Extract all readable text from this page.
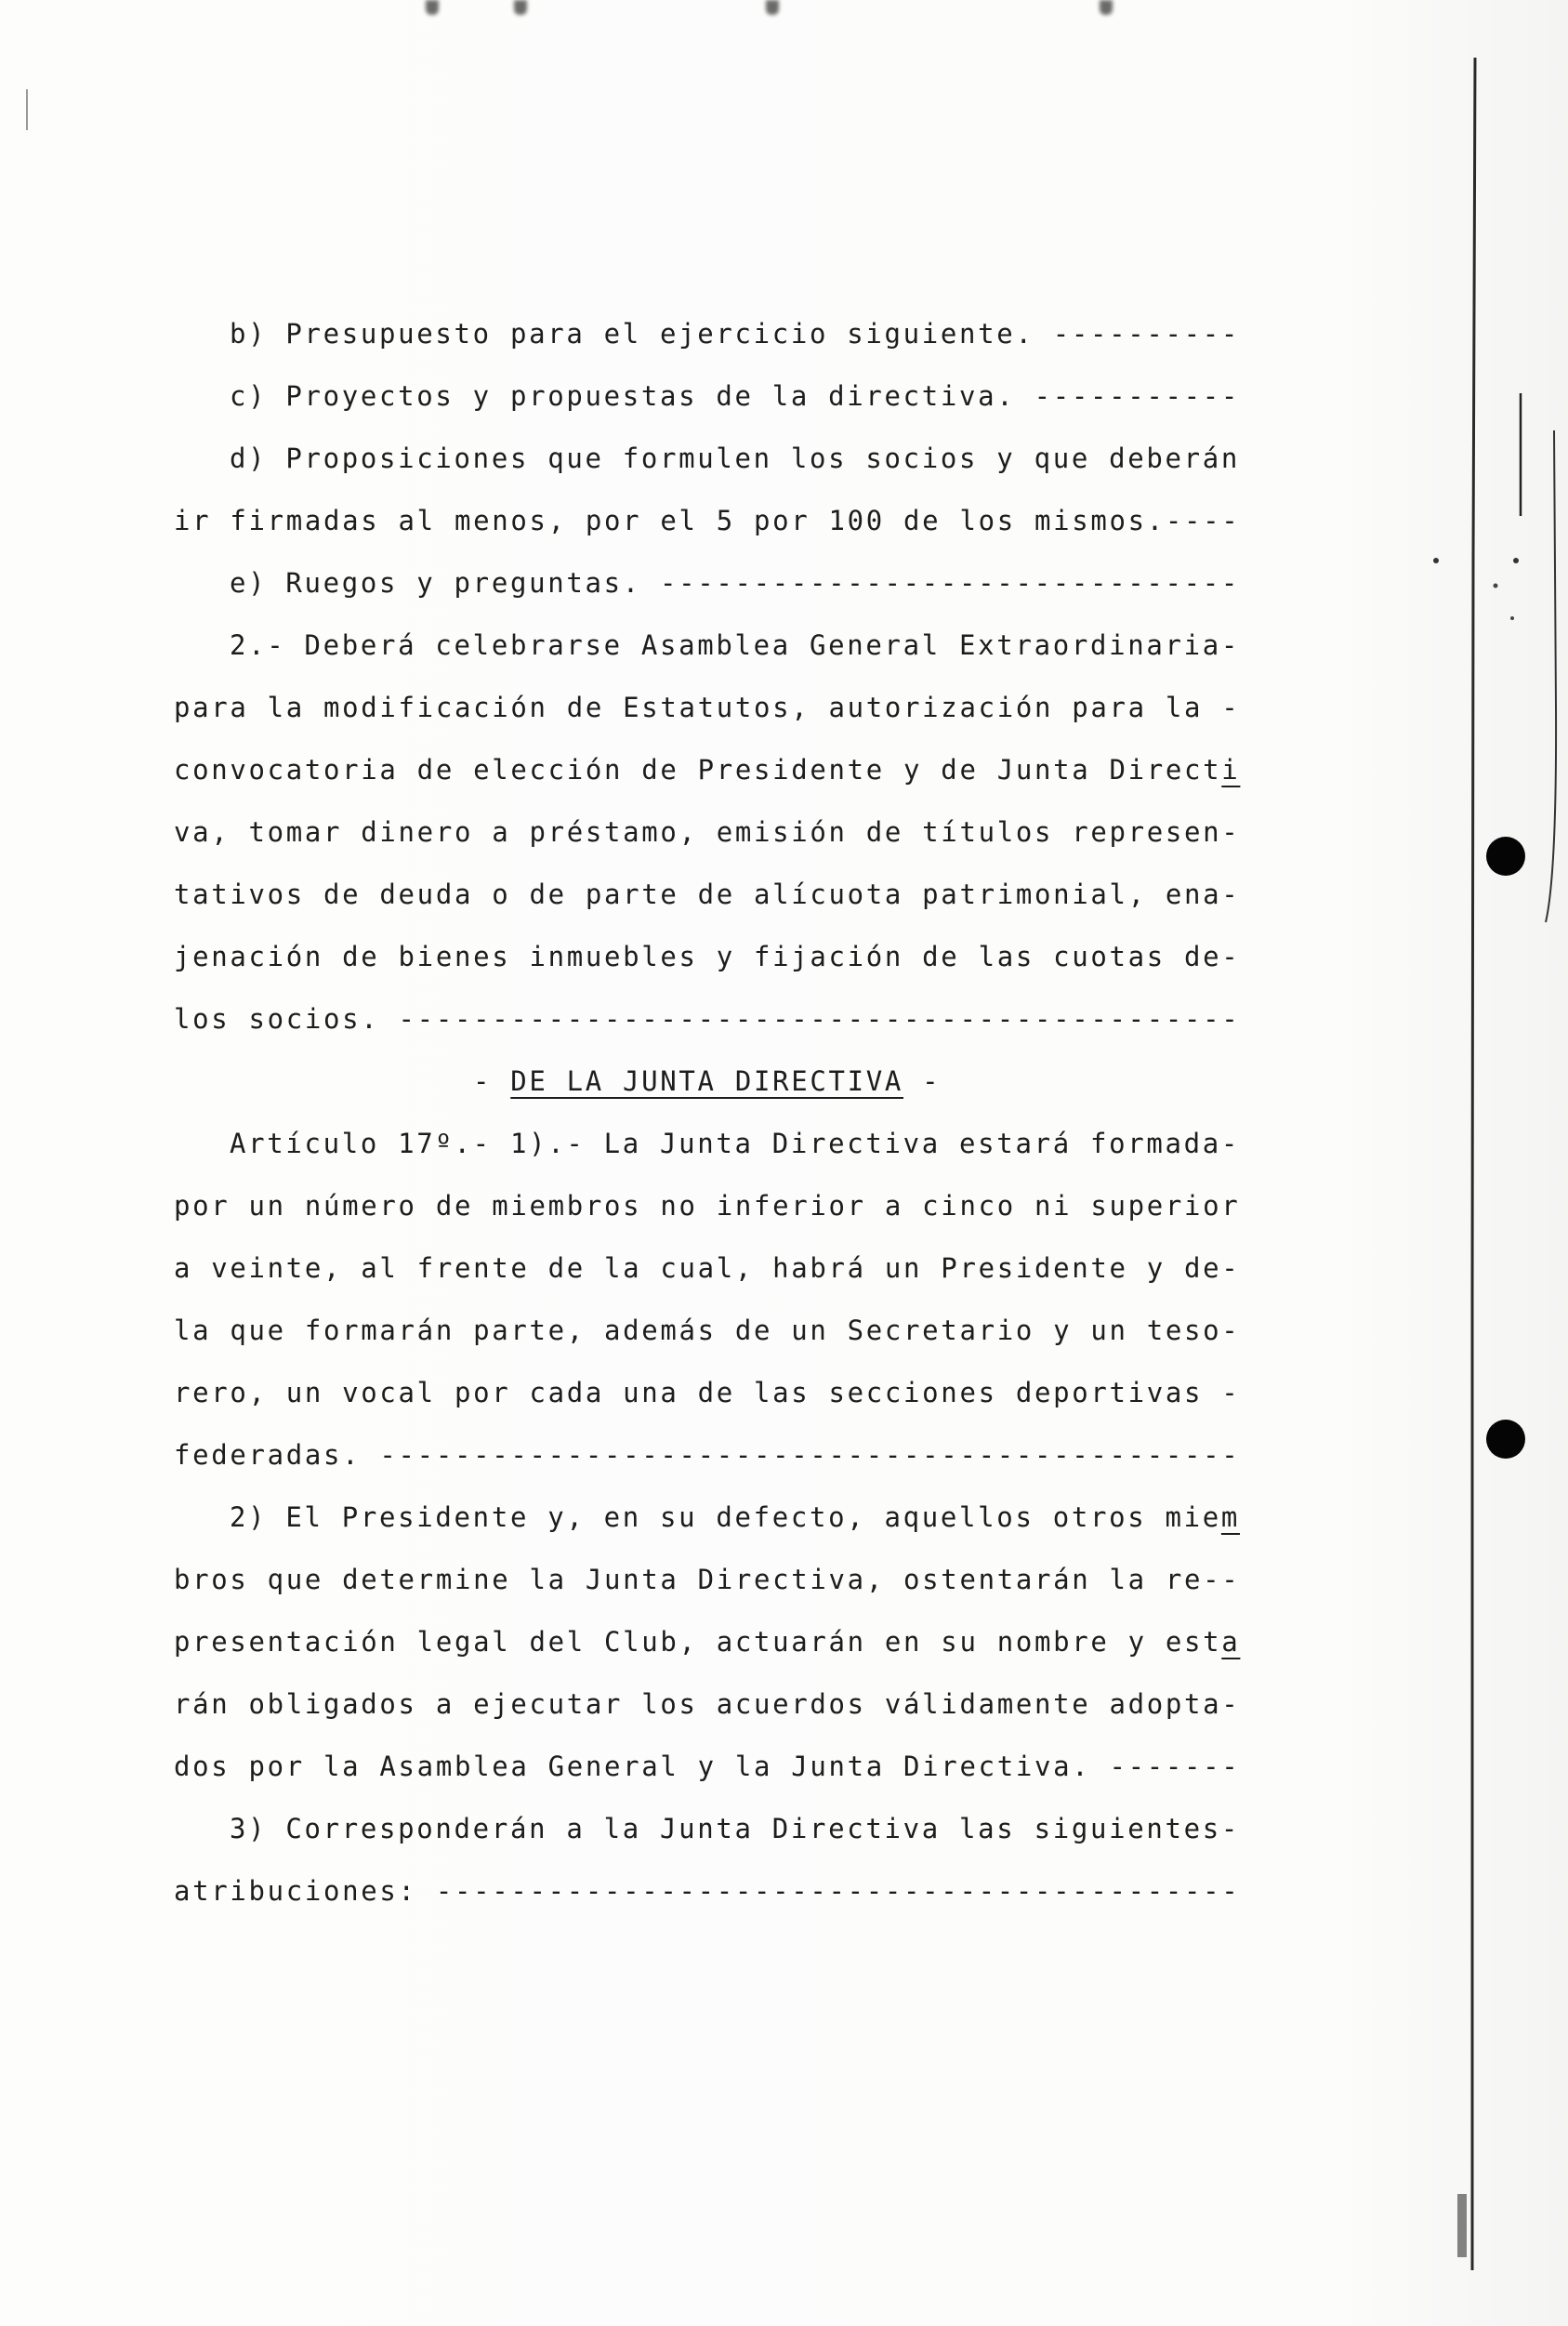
b) Presupuesto para el ejercicio siguiente. ----------
c) Proyectos y propuestas de la directiva. -----------
d) Proposiciones que formulen los socios y que deberán
ir firmadas al menos, por el 5 por 100 de los mismos.----
e) Ruegos y preguntas. -------------------------------
2.- Deberá celebrarse Asamblea General Extraordinaria-
para la modificación de Estatutos, autorización para la -
convocatoria de elección de Presidente y de Junta Directi
va, tomar dinero a préstamo, emisión de títulos represen-
tativos de deuda o de parte de alícuota patrimonial, ena-
jenación de bienes inmuebles y fijación de las cuotas de-
los socios. ---------------------------------------------
- DE LA JUNTA DIRECTIVA -
Artículo 17º.- 1).- La Junta Directiva estará formada-
por un número de miembros no inferior a cinco ni superior
a veinte, al frente de la cual, habrá un Presidente y de-
la que formarán parte, además de un Secretario y un teso-
rero, un vocal por cada una de las secciones deportivas -
federadas. ----------------------------------------------
2) El Presidente y, en su defecto, aquellos otros miem
bros que determine la Junta Directiva, ostentarán la re--
presentación legal del Club, actuarán en su nombre y esta
rán obligados a ejecutar los acuerdos válidamente adopta-
dos por la Asamblea General y la Junta Directiva. -------
3) Corresponderán a la Junta Directiva las siguientes-
atribuciones: -------------------------------------------
